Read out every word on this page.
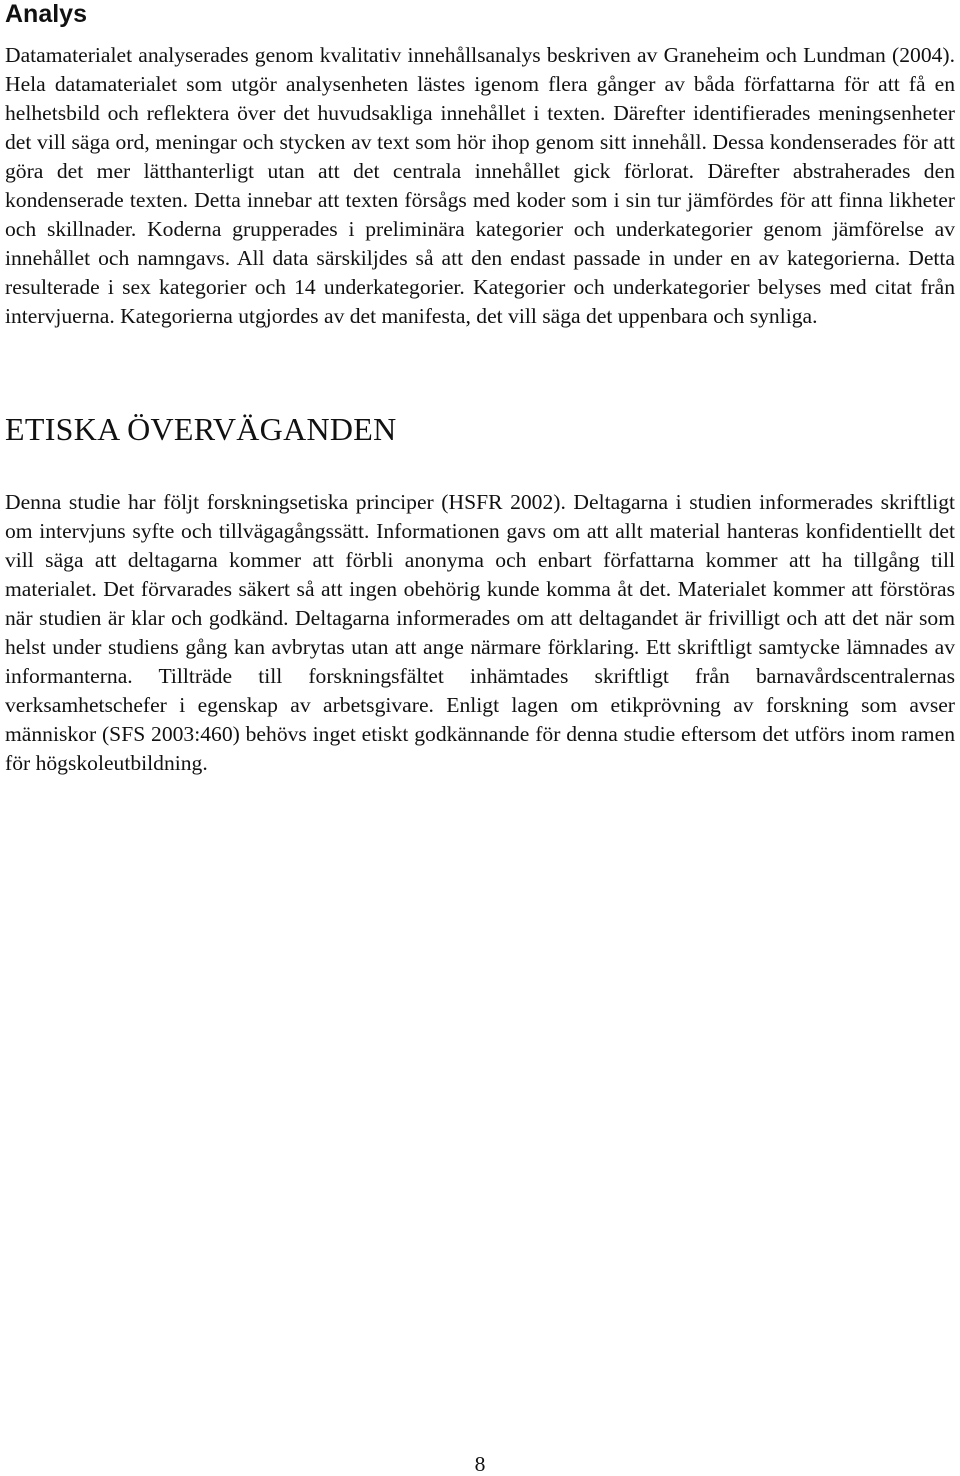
Analys

Datamaterialet analyserades genom kvalitativ innehållsanalys beskriven av Graneheim och Lundman (2004). Hela datamaterialet som utgör analysenheten lästes igenom flera gånger av båda författarna för att få en helhetsbild och reflektera över det huvudsakliga innehållet i texten. Därefter identifierades meningsenheter det vill säga ord, meningar och stycken av text som hör ihop genom sitt innehåll. Dessa kondenserades för att göra det mer lätthanterligt utan att det centrala innehållet gick förlorat. Därefter abstraherades den kondenserade texten. Detta innebar att texten försågs med koder som i sin tur jämfördes för att finna likheter och skillnader. Koderna grupperades i preliminära kategorier och underkategorier genom jämförelse av innehållet och namngavs. All data särskiljdes så att den endast passade in under en av kategorierna. Detta resulterade i sex kategorier och 14 underkategorier. Kategorier och underkategorier belyses med citat från intervjuerna. Kategorierna utgjordes av det manifesta, det vill säga det uppenbara och synliga.

ETISKA ÖVERVÄGANDEN

Denna studie har följt forskningsetiska principer (HSFR 2002). Deltagarna i studien informerades skriftligt om intervjuns syfte och tillvägagångssätt. Informationen gavs om att allt material hanteras konfidentiellt det vill säga att deltagarna kommer att förbli anonyma och enbart författarna kommer att ha tillgång till materialet. Det förvarades säkert så att ingen obehörig kunde komma åt det. Materialet kommer att förstöras när studien är klar och godkänd. Deltagarna informerades om att deltagandet är frivilligt och att det när som helst under studiens gång kan avbrytas utan att ange närmare förklaring. Ett skriftligt samtycke lämnades av informanterna. Tillträde till forskningsfältet inhämtades skriftligt från barnavårdscentralernas verksamhetschefer i egenskap av arbetsgivare. Enligt lagen om etikprövning av forskning som avser människor (SFS 2003:460) behövs inget etiskt godkännande för denna studie eftersom det utförs inom ramen för högskoleutbildning.

8
